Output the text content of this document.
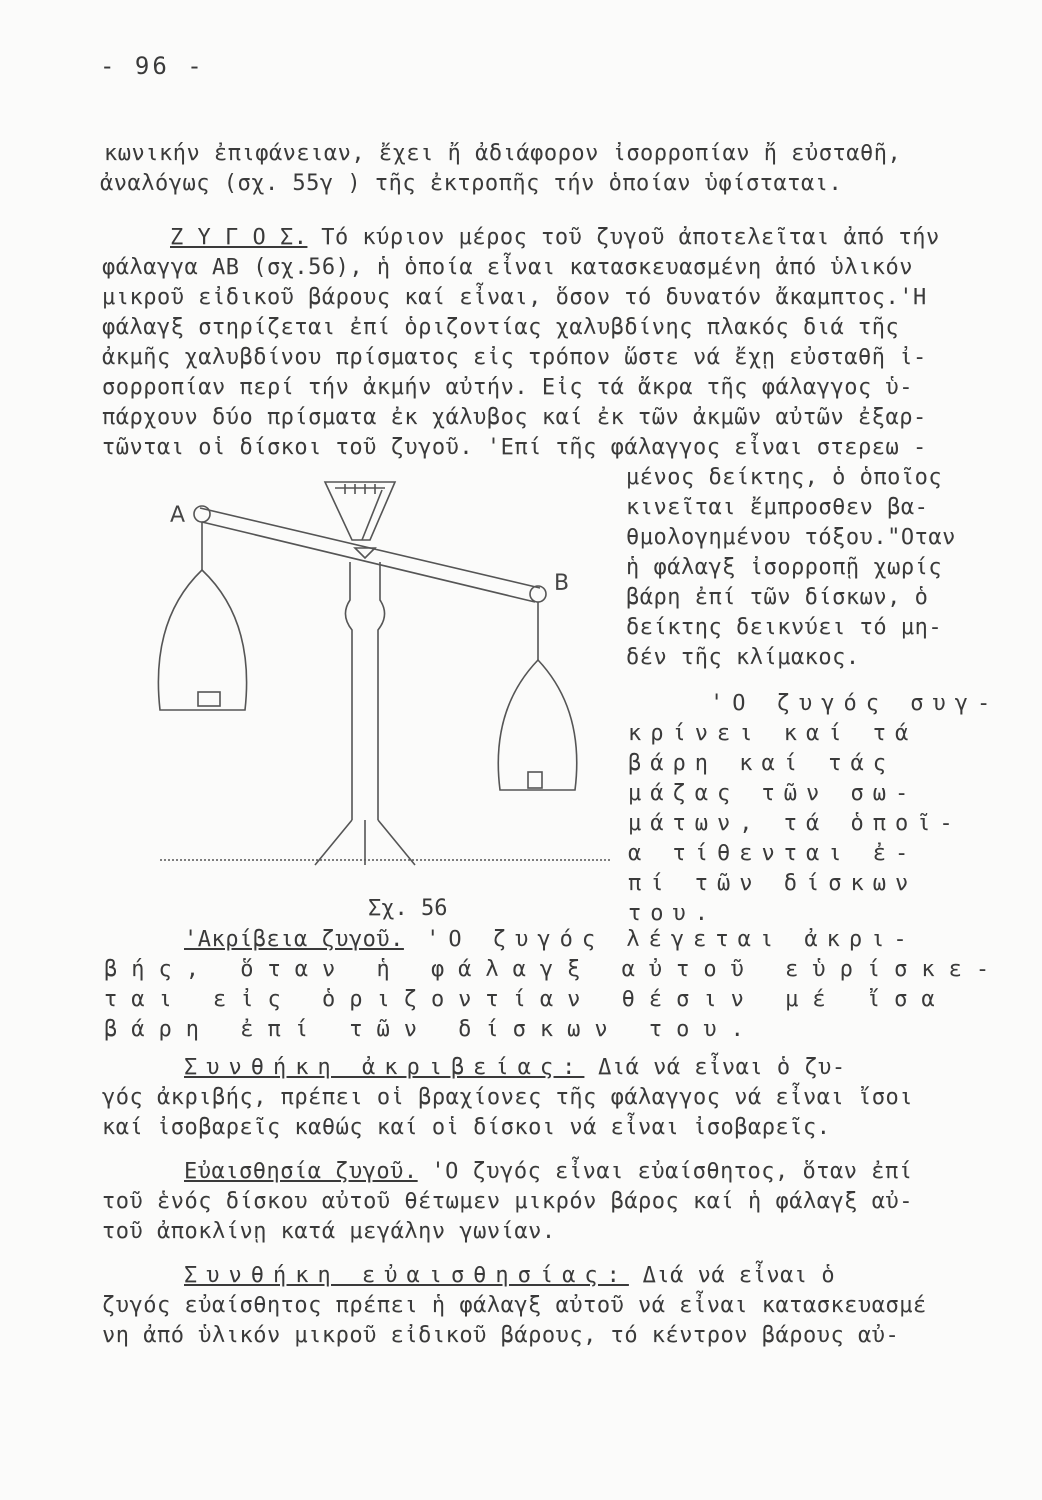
- 96 -

κωνικήν ἐπιφάνειαν, ἔχει ἤ ἀδιάφορον ἰσορροπίαν ἤ εὐσταθῆ,

ἀναλόγως (σχ. 55γ ) τῆς ἐκτροπῆς τήν ὁποίαν ὑφίσταται.

Ζ Υ Γ Ο Σ. Τό κύριον μέρος τοῦ ζυγοῦ ἀποτελεῖται ἀπό τήν

φάλαγγα ΑΒ (σχ.56), ἡ ὁποία εἶναι κατασκευασμένη ἀπό ὑλικόν

μικροῦ εἰδικοῦ βάρους καί εἶναι, ὅσον τό δυνατόν ἄκαμπτος.'Η

φάλαγξ στηρίζεται ἐπί ὁριζοντίας χαλυβδίνης πλακός διά τῆς

ἀκμῆς χαλυβδίνου πρίσματος εἰς τρόπον ὥστε νά ἔχῃ εὐσταθῆ ἰ-

σορροπίαν περί τήν ἀκμήν αὐτήν. Εἰς τά ἄκρα τῆς φάλαγγος ὑ-

πάρχουν δύο πρίσματα ἐκ χάλυβος καί ἐκ τῶν ἀκμῶν αὐτῶν ἐξαρ-

τῶνται οἱ δίσκοι τοῦ ζυγοῦ. 'Επί τῆς φάλαγγος εἶναι στερεω -

μένος δείκτης, ὁ ὁποῖος

κινεῖται ἔμπροσθεν βα-

θμολογημένου τόξου."Οταν

ἡ φάλαγξ ἰσορροπῇ χωρίς

βάρη ἐπί τῶν δίσκων, ὁ

δείκτης δεικνύει τό μη-

δέν τῆς κλίμακος.

'Ο ζυγός συγ-

κρίνει καί τά

βάρη καί τάς

μάζας τῶν σω-

μάτων, τά ὁποῖ-

α τίθενται ἐ-

πί τῶν δίσκων

του.

Α
Β
Σχ. 56

'Ακρίβεια ζυγοῦ. 'Ο ζυγός λέγεται ἀκρι-

βής, ὅταν ἡ φάλαγξ αὐτοῦ εὑρίσκε-

ται εἰς ὁριζοντίαν θέσιν μέ ἴσα

βάρη ἐπί τῶν δίσκων του.

Συνθήκη ἀκριβείας: Διά νά εἶναι ὁ ζυ-

γός ἀκριβής, πρέπει οἱ βραχίονες τῆς φάλαγγος νά εἶναι ἴσοι

καί ἰσοβαρεῖς καθώς καί οἱ δίσκοι νά εἶναι ἰσοβαρεῖς.

Εὐαισθησία ζυγοῦ. 'Ο ζυγός εἶναι εὐαίσθητος, ὅταν ἐπί

τοῦ ἑνός δίσκου αὐτοῦ θέτωμεν μικρόν βάρος καί ἡ φάλαγξ αὐ-

τοῦ ἀποκλίνῃ κατά μεγάλην γωνίαν.

Συνθήκη εὐαισθησίας: Διά νά εἶναι ὁ

ζυγός εὐαίσθητος πρέπει ἡ φάλαγξ αὐτοῦ νά εἶναι κατασκευασμέ

νη ἀπό ὑλικόν μικροῦ εἰδικοῦ βάρους, τό κέντρον βάρους αὐ-
